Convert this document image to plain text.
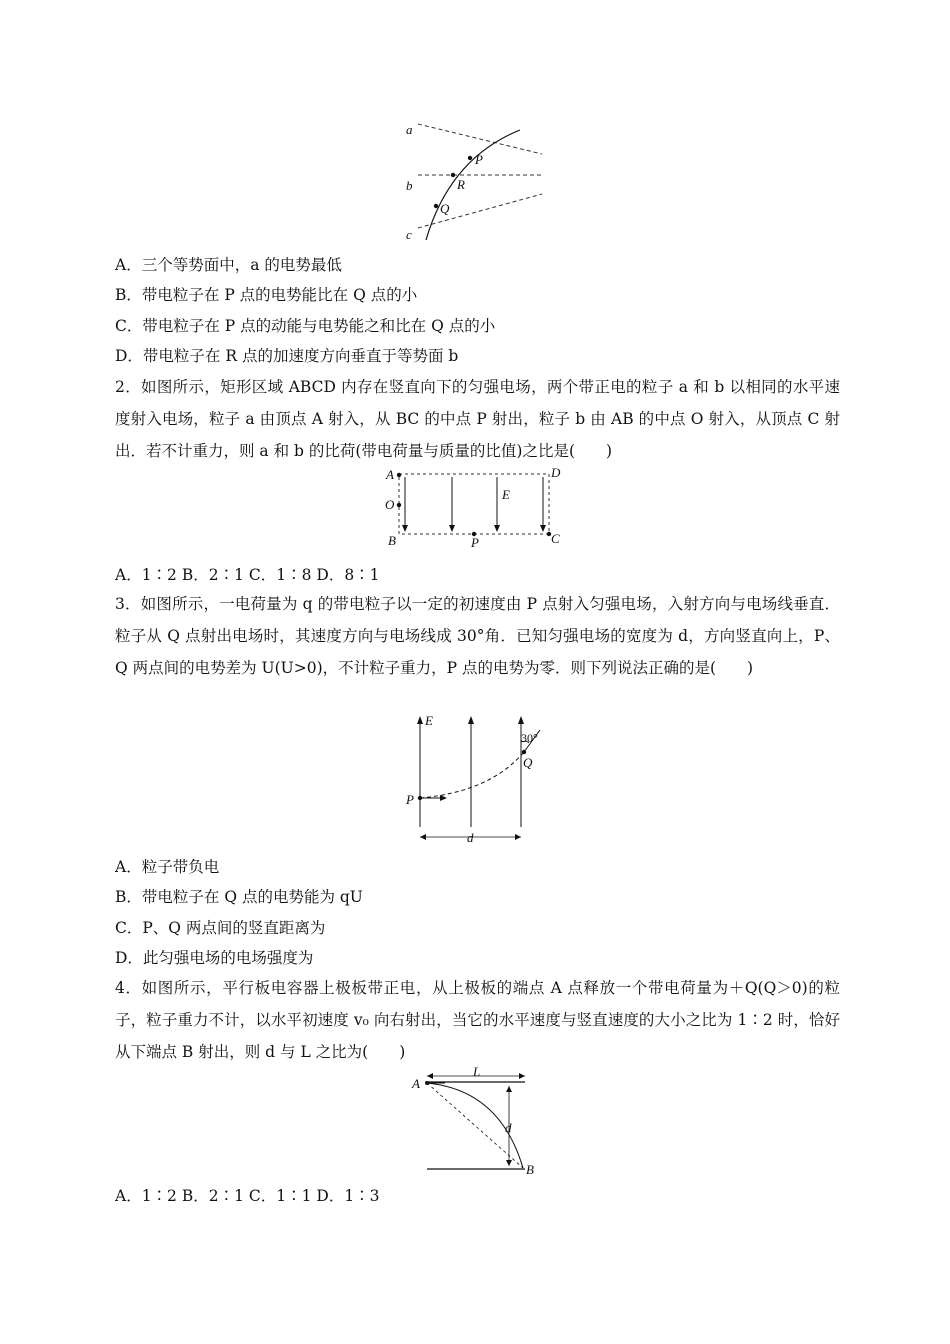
a
b
c
P
R
Q
A．三个等势面中，a 的电势最低
B．带电粒子在 P 点的电势能比在 Q 点的小
C．带电粒子在 P 点的动能与电势能之和比在 Q 点的小
D．带电粒子在 R 点的加速度方向垂直于等势面 b
2．如图所示，矩形区域 ABCD 内存在竖直向下的匀强电场，两个带正电的粒子 a 和 b 以相同的水平速度射入电场，粒子 a 由顶点 A 射入，从 BC 的中点 P 射出，粒子 b 由 AB 的中点 O 射入，从顶点 C 射出．若不计重力，则 a 和 b 的比荷(带电荷量与质量的比值)之比是(　　)
A	D
O
E
B	P	C
A．1∶2 B．2∶1 C．1∶8 D．8∶1
3．如图所示，一电荷量为 q 的带电粒子以一定的初速度由 P 点射入匀强电场，入射方向与电场线垂直．粒子从 Q 点射出电场时，其速度方向与电场线成 30°角．已知匀强电场的宽度为 d，方向竖直向上，P、Q 两点间的电势差为 U(U>0)，不计粒子重力，P 点的电势为零．则下列说法正确的是(　　)
E
30°
Q
P
d
A．粒子带负电
B．带电粒子在 Q 点的电势能为 qU
C．P、Q 两点间的竖直距离为
D．此匀强电场的电场强度为
4．如图所示，平行板电容器上极板带正电，从上极板的端点 A 点释放一个带电荷量为＋Q(Q＞0)的粒子，粒子重力不计，以水平初速度 v₀ 向右射出，当它的水平速度与竖直速度的大小之比为 1∶2 时，恰好从下端点 B 射出，则 d 与 L 之比为(　　)
A
L
d
B
A．1∶2 B．2∶1 C．1∶1 D．1∶3
